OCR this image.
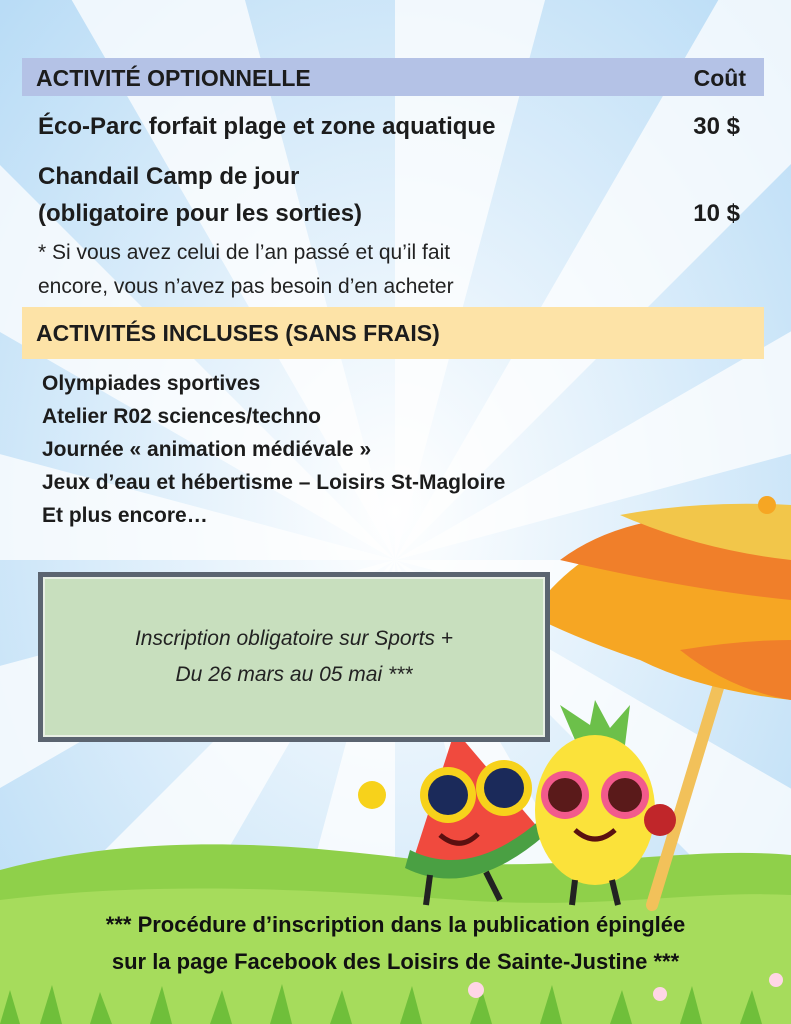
ACTIVITÉ OPTIONNELLE	Coût
Éco-Parc forfait plage et zone aquatique	30 $
Chandail Camp de jour
(obligatoire pour les sorties)	10 $
* Si vous avez celui de l’an passé et qu’il fait
encore, vous n’avez pas besoin d’en acheter
ACTIVITÉS INCLUSES (SANS FRAIS)
Olympiades sportives
Atelier R02 sciences/techno
Journée « animation médiévale »
Jeux d’eau et hébertisme – Loisirs St-Magloire
Et plus encore…
Inscription obligatoire sur Sports +
Du 26 mars au 05 mai ***
*** Procédure d’inscription dans la publication épinglée
sur la page Facebook des Loisirs de Sainte-Justine ***
